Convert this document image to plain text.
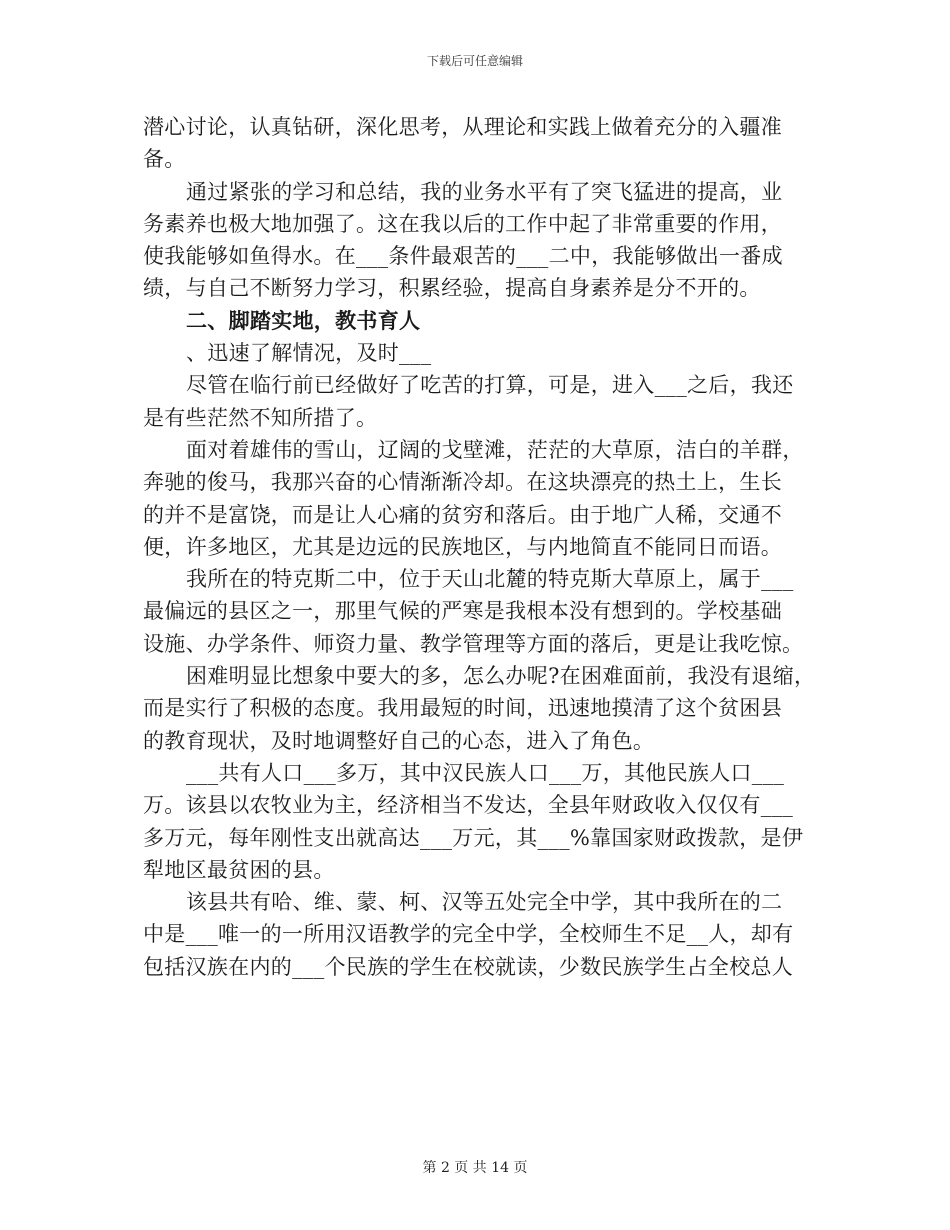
下载后可任意编辑
潜心讨论，认真钻研，深化思考，从理论和实践上做着充分的入疆准
备。
通过紧张的学习和总结，我的业务水平有了突飞猛进的提高，业
务素养也极大地加强了。这在我以后的工作中起了非常重要的作用，
使我能够如鱼得水。在___条件最艰苦的___二中，我能够做出一番成
绩，与自己不断努力学习，积累经验，提高自身素养是分不开的。
二、脚踏实地，教书育人
、迅速了解情况，及时___
尽管在临行前已经做好了吃苦的打算，可是，进入___之后，我还
是有些茫然不知所措了。
面对着雄伟的雪山，辽阔的戈壁滩，茫茫的大草原，洁白的羊群，
奔驰的俊马，我那兴奋的心情渐渐冷却。在这块漂亮的热土上，生长
的并不是富饶，而是让人心痛的贫穷和落后。由于地广人稀，交通不
便，许多地区，尤其是边远的民族地区，与内地简直不能同日而语。
我所在的特克斯二中，位于天山北麓的特克斯大草原上，属于___
最偏远的县区之一，那里气候的严寒是我根本没有想到的。学校基础
设施、办学条件、师资力量、教学管理等方面的落后，更是让我吃惊。
困难明显比想象中要大的多，怎么办呢?在困难面前，我没有退缩，
而是实行了积极的态度。我用最短的时间，迅速地摸清了这个贫困县
的教育现状，及时地调整好自己的心态，进入了角色。
___共有人口___多万，其中汉民族人口___万，其他民族人口___
万。该县以农牧业为主，经济相当不发达，全县年财政收入仅仅有___
多万元，每年刚性支出就高达___万元，其___%靠国家财政拨款，是伊
犁地区最贫困的县。
该县共有哈、维、蒙、柯、汉等五处完全中学，其中我所在的二
中是___唯一的一所用汉语教学的完全中学，全校师生不足__人，却有
包括汉族在内的___个民族的学生在校就读，少数民族学生占全校总人
第 2 页 共 14 页
